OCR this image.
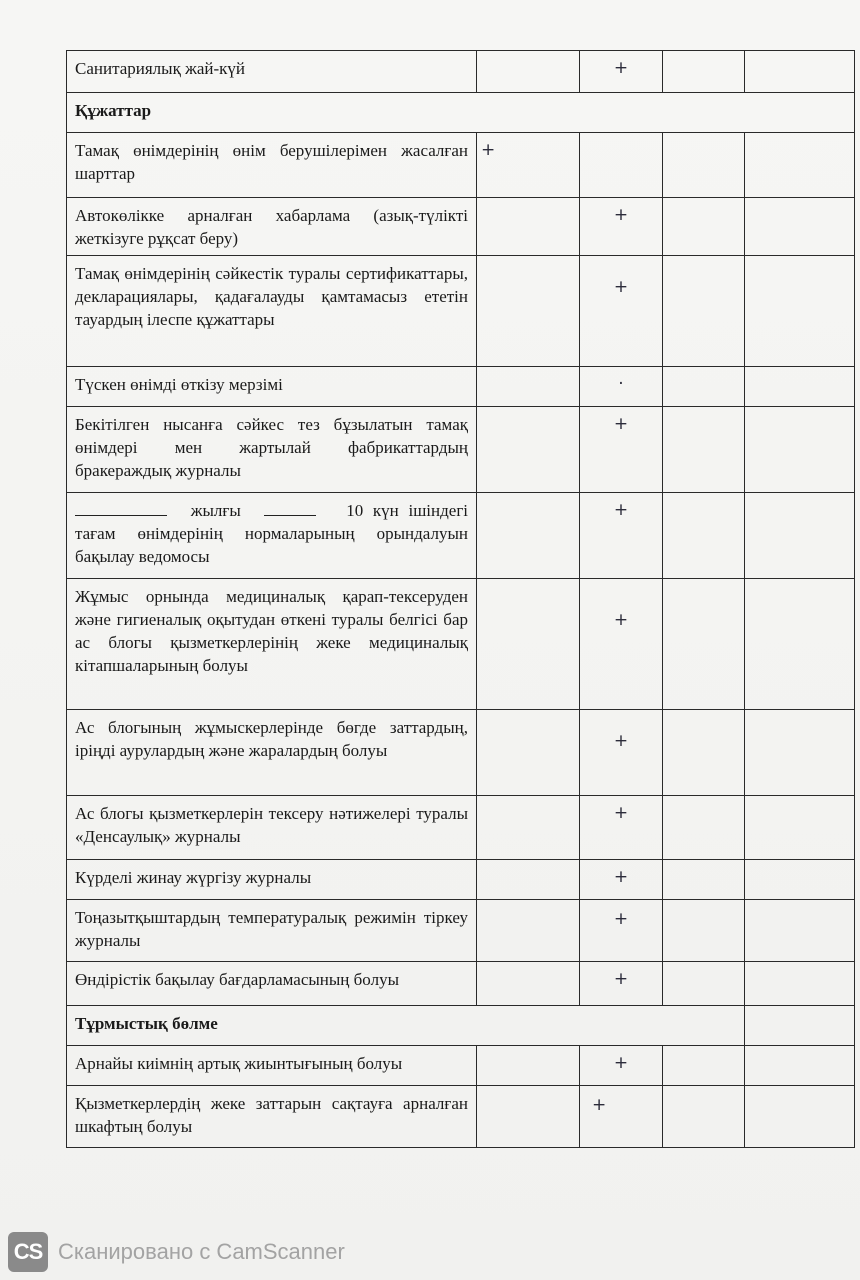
Санитариялық жай-күй		+		
Құжаттар				
Тамақ өнімдерінің өнім берушілерімен жасалған шарттар	+			
Автокөлікке арналған хабарлама (азық-түлікті жеткізуге рұқсат беру)		+		
Тамақ өнімдерінің сәйкестік туралы сертификаттары, декларациялары, қадағалауды қамтамасыз ететін тауардың ілеспе құжаттары		+		
Түскен өнімді өткізу мерзімі		·		
Бекітілген нысанға сәйкес тез бұзылатын тамақ өнімдері мен жартылай фабрикаттардың бракераждық журналы		+		
жылғы 10 күн ішіндегі тағам өнімдерінің нормаларының орындалуын бақылау ведомосы		+		
Жұмыс орнында медициналық қарап-тексеруден және гигиеналық оқытудан өткені туралы белгісі бар ас блогы қызметкерлерінің жеке медициналық кітапшаларының болуы		+		
Ас блогының жұмыскерлерінде бөгде заттардың, іріңді аурулардың және жаралардың болуы		+		
Ас блогы қызметкерлерін тексеру нәтижелері туралы «Денсаулық» журналы		+		
Күрделі жинау жүргізу журналы		+		
Тоңазытқыштардың температуралық режимін тіркеу журналы		+		
Өндірістік бақылау бағдарламасының болуы		+		
Тұрмыстық бөлме				
Арнайы киімнің артық жиынтығының болуы		+		
Қызметкерлердің жеке заттарын сақтауға арналған шкафтың болуы		+		
CS Сканировано с CamScanner
